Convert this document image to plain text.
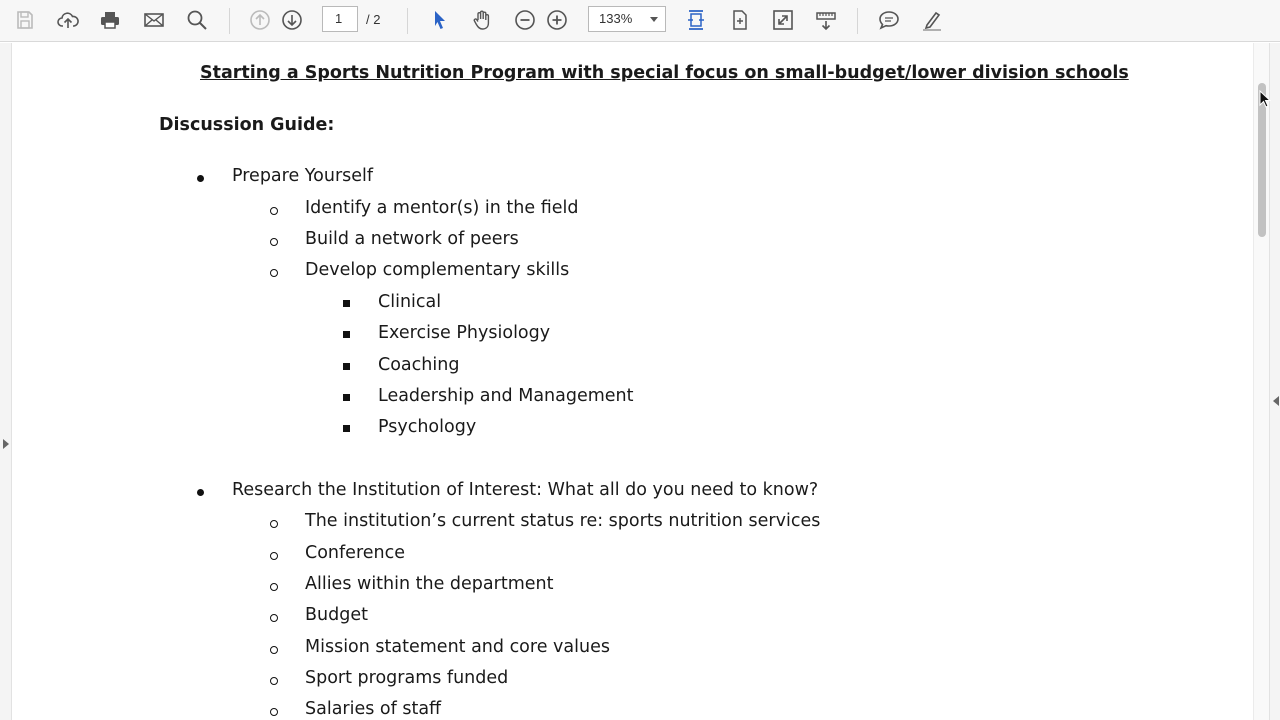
1	/ 2	133%
Starting a Sports Nutrition Program with special focus on small-budget/lower division schools
Discussion Guide:
Prepare Yourself
Identify a mentor(s) in the field
Build a network of peers
Develop complementary skills
Clinical
Exercise Physiology
Coaching
Leadership and Management
Psychology
Research the Institution of Interest: What all do you need to know?
The institution’s current status re: sports nutrition services
Conference
Allies within the department
Budget
Mission statement and core values
Sport programs funded
Salaries of staff
